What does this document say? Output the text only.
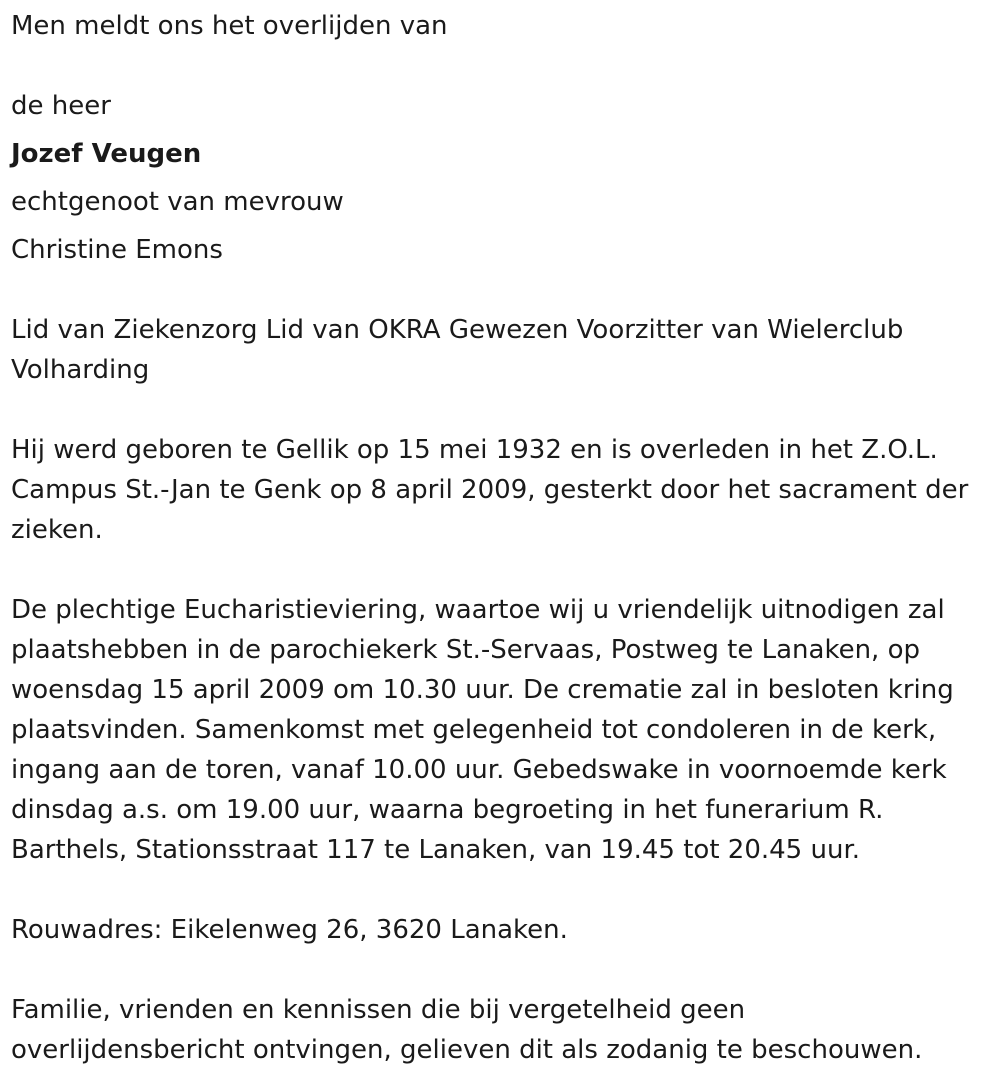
Men meldt ons het overlijden van
de heer
Jozef Veugen
echtgenoot van mevrouw
Christine Emons

Lid van Ziekenzorg Lid van OKRA Gewezen Voorzitter van Wielerclub Volharding

Hij werd geboren te Gellik op 15 mei 1932 en is overleden in het Z.O.L. Campus St.-Jan te Genk op 8 april 2009, gesterkt door het sacrament der zieken.

De plechtige Eucharistieviering, waartoe wij u vriendelijk uitnodigen zal plaatshebben in de parochiekerk St.-Servaas, Postweg te Lanaken, op woensdag 15 april 2009 om 10.30 uur. De crematie zal in besloten kring plaatsvinden. Samenkomst met gelegenheid tot condoleren in de kerk, ingang aan de toren, vanaf 10.00 uur. Gebedswake in voornoemde kerk dinsdag a.s. om 19.00 uur, waarna begroeting in het funerarium R. Barthels, Stationsstraat 117 te Lanaken, van 19.45 tot 20.45 uur.

Rouwadres: Eikelenweg 26, 3620 Lanaken.

Familie, vrienden en kennissen die bij vergetelheid geen overlijdensbericht ontvingen, gelieven dit als zodanig te beschouwen.
